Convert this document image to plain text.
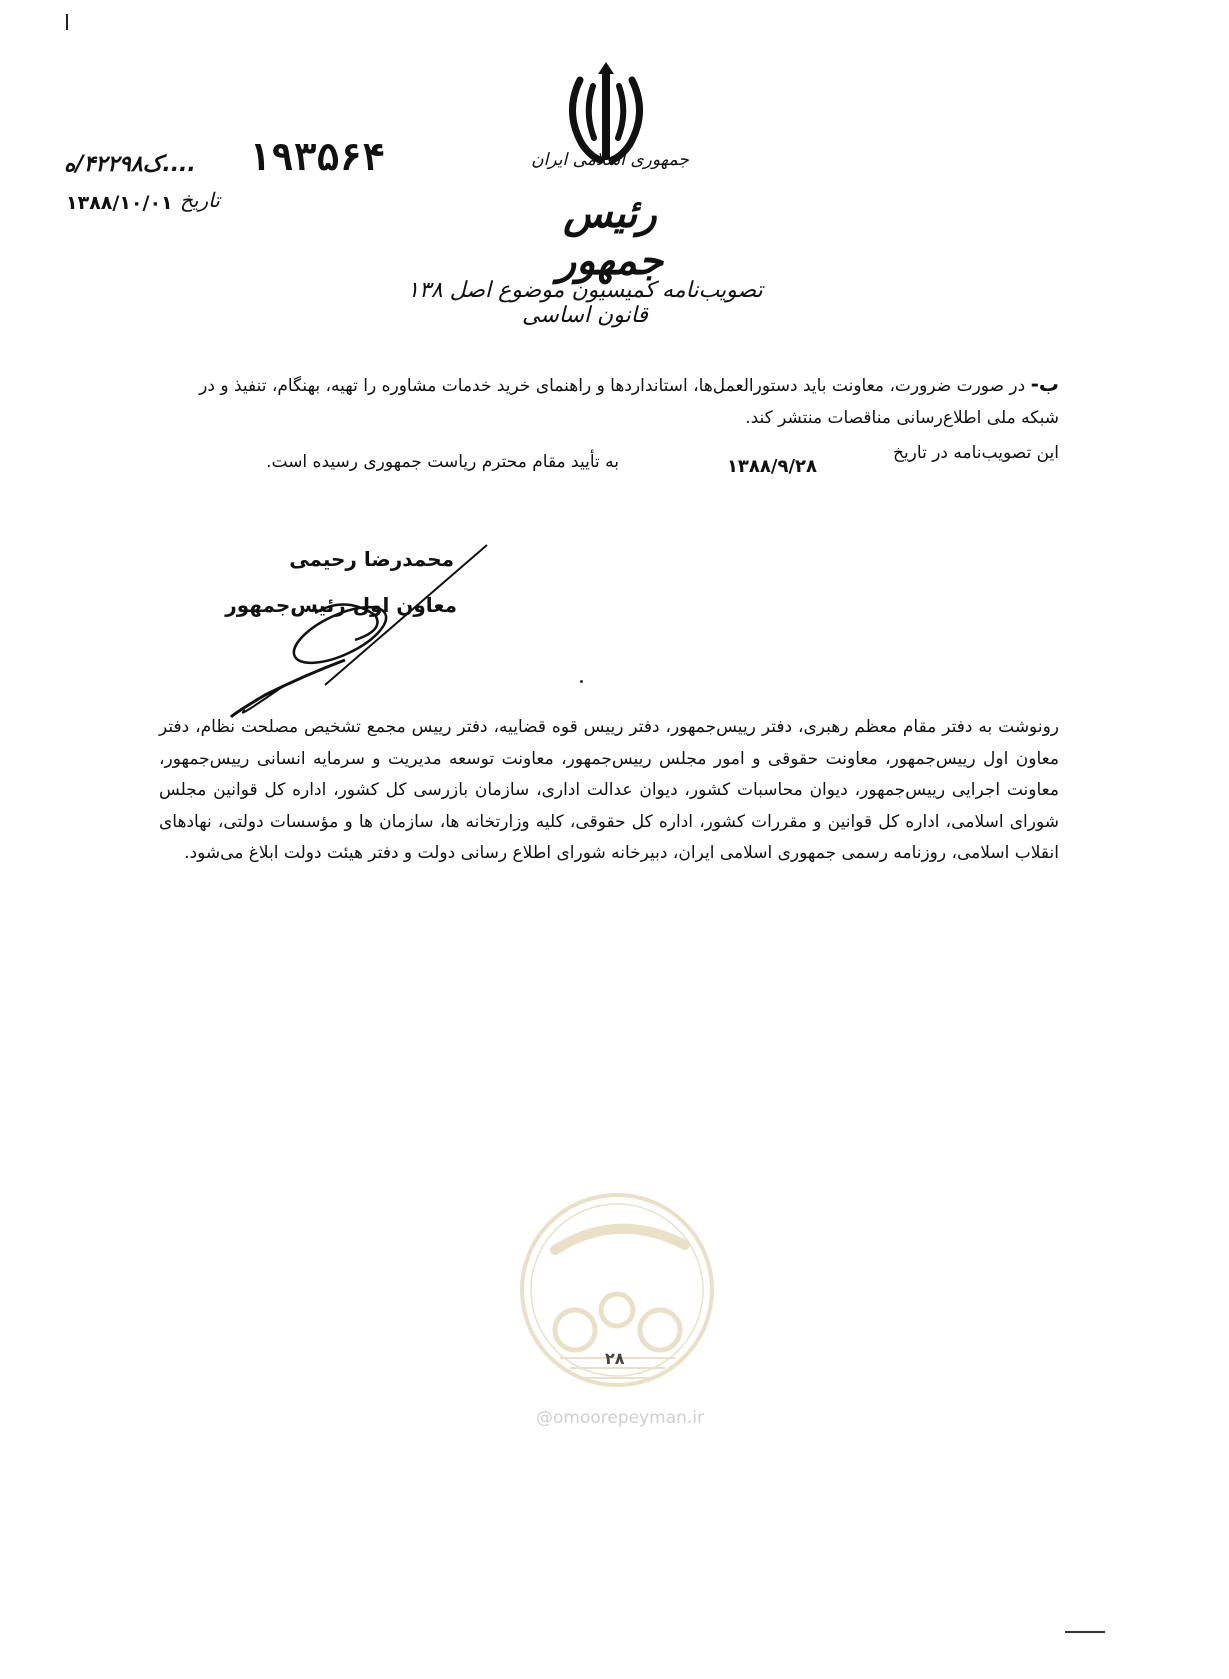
جمهوری اسلامی ایران
رئیس جمهور
تصویب‌نامه کمیسیون موضوع اصل ۱۳۸ قانون اساسی
۱۹۳۵۶۴
....ک۴۲۲۹۸/ه
تاریخ
۱۳۸۸/۱۰/۰۱
ب- در صورت ضرورت، معاونت باید دستورالعمل‌ها، استانداردها و راهنمای خرید خدمات مشاوره را تهیه، بهنگام، تنفیذ و در شبکه ملی اطلاع‌رسانی مناقصات منتشر کند.
این تصویب‌نامه در تاریخ
۱۳۸۸/۹/۲۸
به تأیید مقام محترم ریاست جمهوری رسیده است.
محمدرضا رحیمی
معاون اول رئیس‌جمهور
رونوشت به دفتر مقام معظم رهبری، دفتر رییس‌جمهور، دفتر رییس قوه قضاییه، دفتر رییس مجمع تشخیص مصلحت نظام، دفتر معاون اول رییس‌جمهور، معاونت حقوقی و امور مجلس رییس‌جمهور، معاونت توسعه مدیریت و سرمایه انسانی رییس‌جمهور، معاونت اجرایی رییس‌جمهور، دیوان محاسبات کشور، دیوان عدالت اداری، سازمان بازرسی کل کشور، اداره کل قوانین مجلس شورای اسلامی، اداره کل قوانین و مقررات کشور، اداره کل حقوقی، کلیه وزارتخانه ها، سازمان ها و مؤسسات دولتی، نهادهای انقلاب اسلامی، روزنامه رسمی جمهوری اسلامی ایران، دبیرخانه شورای اطلاع رسانی دولت و دفتر هیئت دولت ابلاغ می‌شود.
۲۸
@omoorepeyman.ir
